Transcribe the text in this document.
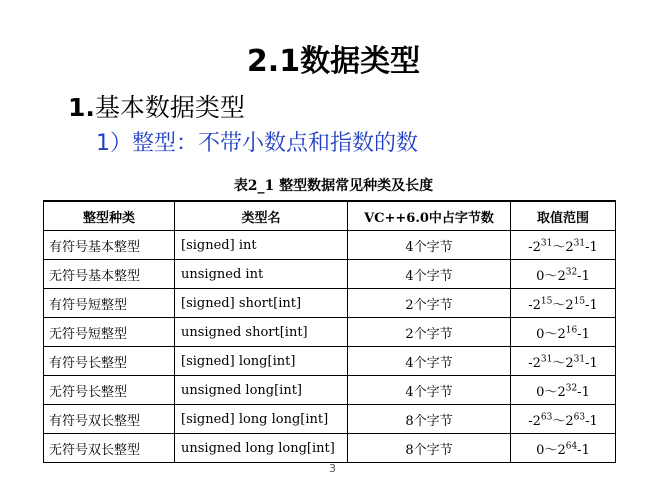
2.1数据类型
1.基本数据类型
1）整型：不带小数点和指数的数
表2_1 整型数据常见种类及长度
整型种类	类型名	VC++6.0中占字节数	取值范围
有符号基本整型	[signed] int	4个字节	$-2^{31}\sim 2^{31}-1$
无符号基本整型	unsigned int	4个字节	$0\sim 2^{32}-1$
有符号短整型	[signed] short[int]	2个字节	$-2^{15}\sim 2^{15}-1$
无符号短整型	unsigned short[int]	2个字节	$0\sim 2^{16}-1$
有符号长整型	[signed] long[int]	4个字节	$-2^{31}\sim 2^{31}-1$
无符号长整型	unsigned long[int]	4个字节	$0\sim 2^{32}-1$
有符号双长整型	[signed] long long[int]	8个字节	$-2^{63}\sim 2^{63}-1$
无符号双长整型	unsigned long long[int]	8个字节	$0\sim 2^{64}-1$
3
